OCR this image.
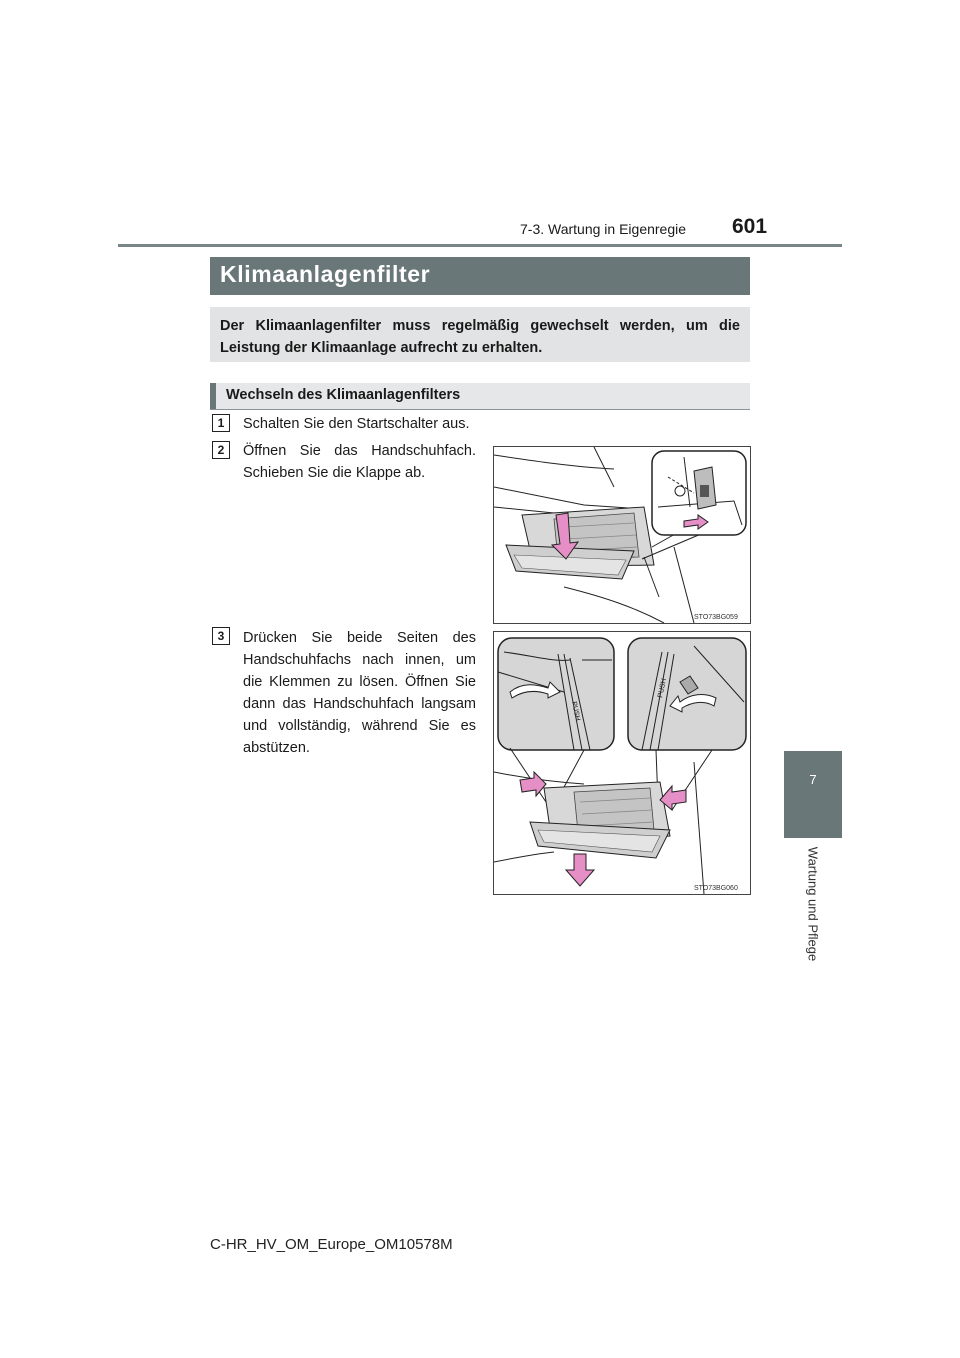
7-3. Wartung in Eigenregie 601
7
Wartung und Pflege
Klimaanlagenfilter

Der Klimaanlagenfilter muss regelmäßig gewechselt werden, um die Leistung der Klimaanlage aufrecht zu erhalten.

Wechseln des Klimaanlagenfilters
1	Schalten Sie den Startschalter aus.
2	Öffnen Sie das Handschuhfach. Schieben Sie die Klappe ab.
3	Drücken Sie beide Seiten des Handschuhfachs nach innen, um die Klemmen zu lösen. Öffnen Sie dann das Handschuhfach langsam und vollständig, während Sie es abstützen.
STO73BG059
PUSH
PUSH
STO73BG060
C-HR_HV_OM_Europe_OM10578M
